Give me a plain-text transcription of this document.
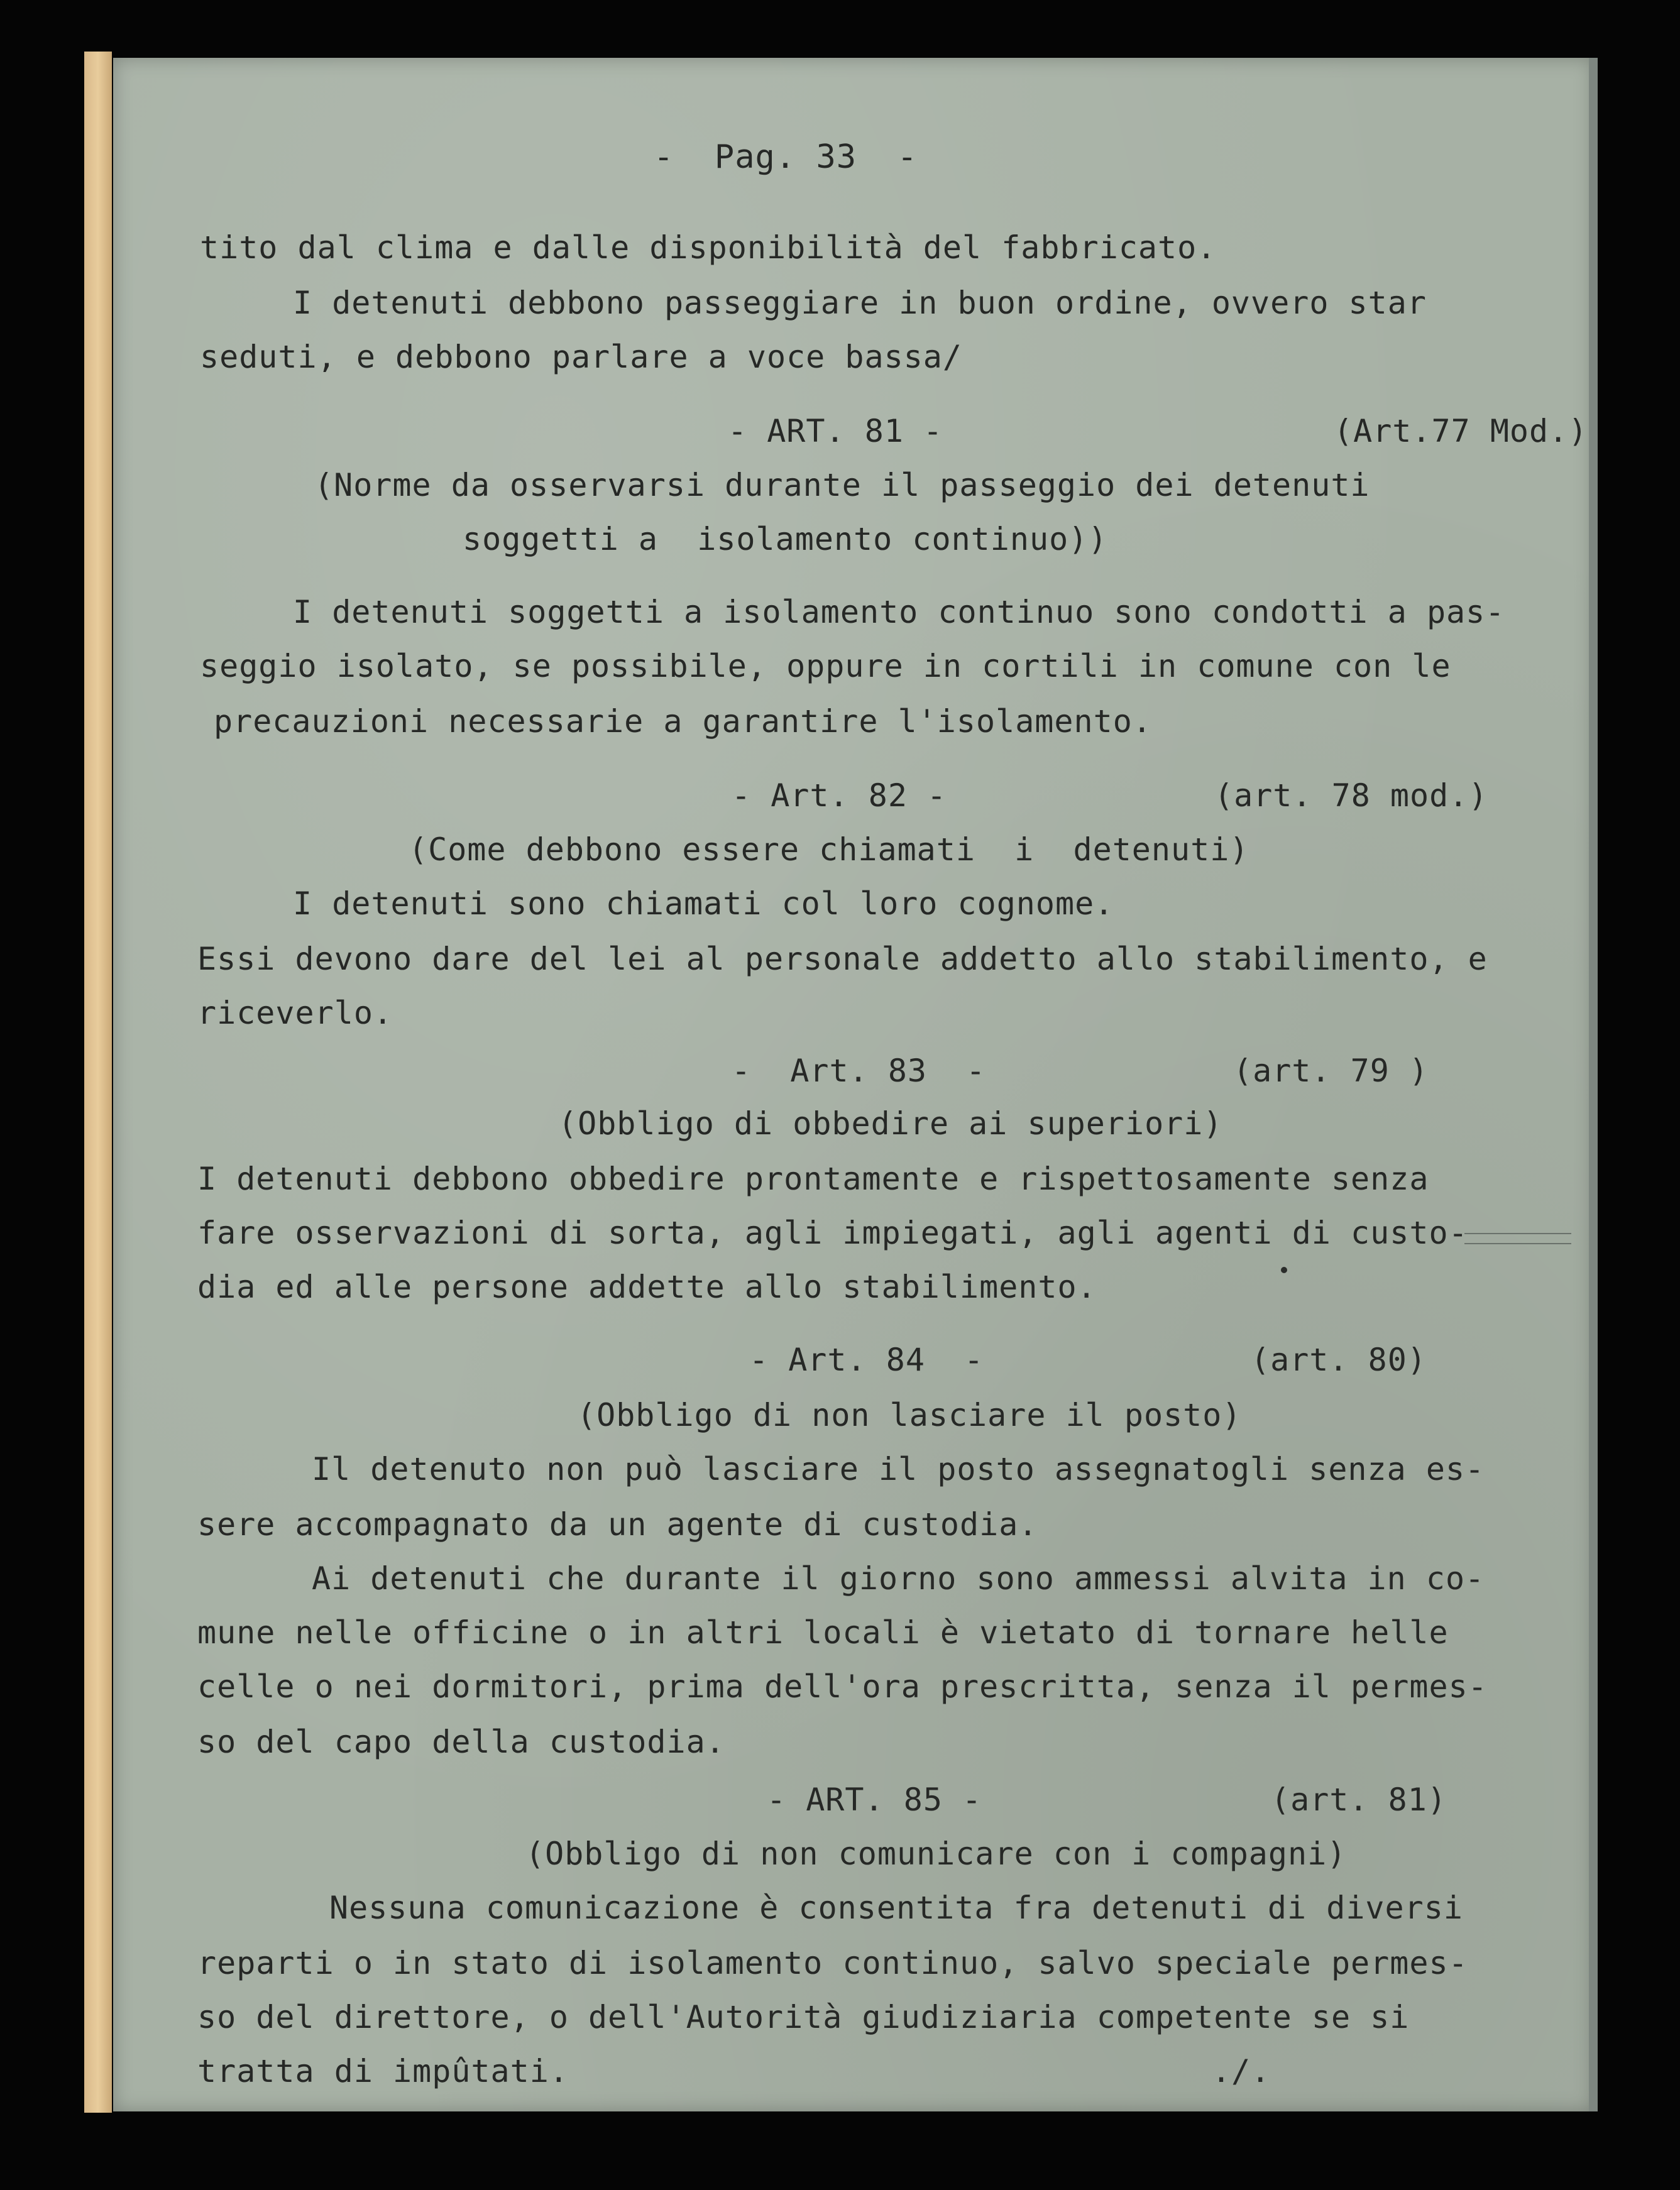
-  Pag. 33  -
tito dal clima e dalle disponibilità del fabbricato.
I detenuti debbono passeggiare in buon ordine, ovvero star
seduti, e debbono parlare a voce bassa/
- ART. 81 -	(Art.77 Mod.)
(Norme da osservarsi durante il passeggio dei detenuti
soggetti a  isolamento continuo))
I detenuti soggetti a isolamento continuo sono condotti a pas-
seggio isolato, se possibile, oppure in cortili in comune con le
precauzioni necessarie a garantire l'isolamento.
- Art. 82 -	(art. 78 mod.)
(Come debbono essere chiamati  i  detenuti)
I detenuti sono chiamati col loro cognome.
Essi devono dare del lei al personale addetto allo stabilimento, e
riceverlo.
-  Art. 83  -	(art. 79 )
(Obbligo di obbedire ai superiori)
I detenuti debbono obbedire prontamente e rispettosamente senza
fare osservazioni di sorta, agli impiegati, agli agenti di custo-
dia ed alle persone addette allo stabilimento.
- Art. 84  -	(art. 80)
(Obbligo di non lasciare il posto)
Il detenuto non può lasciare il posto assegnatogli senza es-
sere accompagnato da un agente di custodia.
Ai detenuti che durante il giorno sono ammessi alvita in co-
mune nelle officine o in altri locali è vietato di tornare helle
celle o nei dormitori, prima dell'ora prescritta, senza il permes-
so del capo della custodia.
- ART. 85 -	(art. 81)
(Obbligo di non comunicare con i compagni)
Nessuna comunicazione è consentita fra detenuti di diversi
reparti o in stato di isolamento continuo, salvo speciale permes-
so del direttore, o dell'Autorità giudiziaria competente se si
tratta di impûtati.	./.
